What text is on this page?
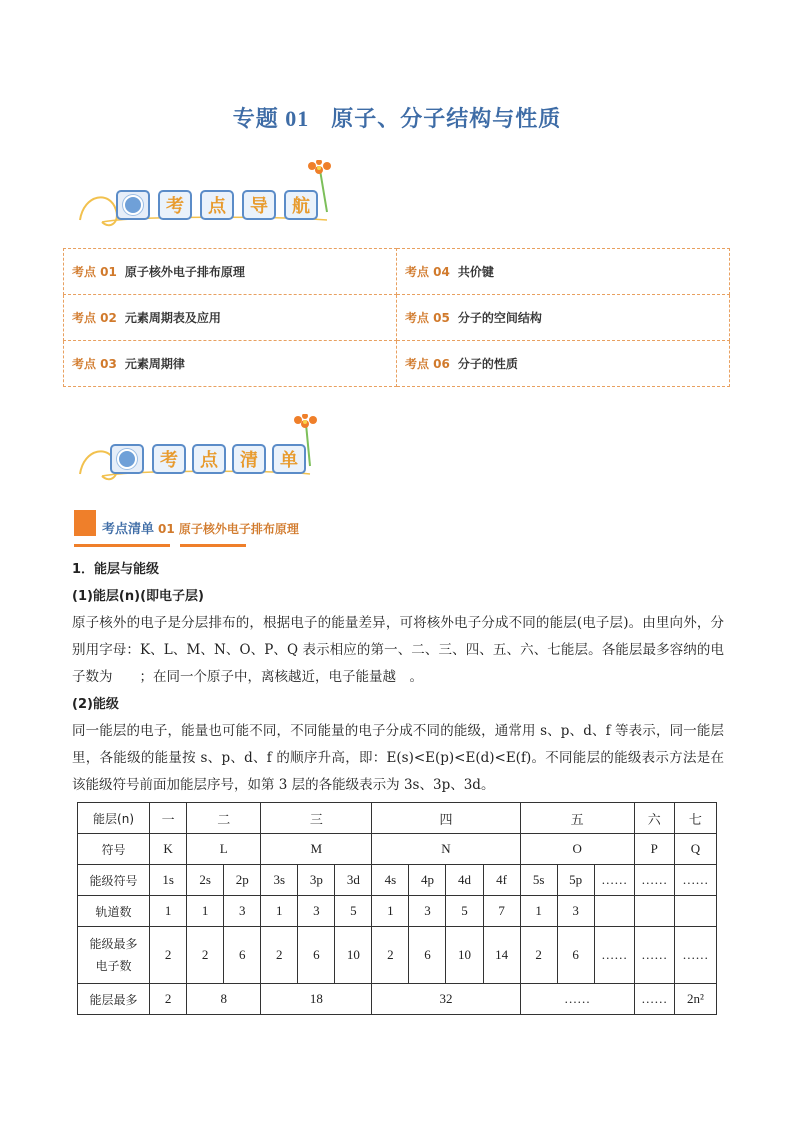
专题 01 原子、分子结构与性质
考	点	导	航
考点 01 原子核外电子排布原理	考点 04 共价键
考点 02 元素周期表及应用	考点 05 分子的空间结构
考点 03 元素周期律	考点 06 分子的性质
考	点	清	单
考点清单 01 原子核外电子排布原理

1．能层与能级

(1)能层(n)(即电子层)

原子核外的电子是分层排布的，根据电子的能量差异，可将核外电子分成不同的能层(电子层)。由里向外，分别用字母：K、L、M、N、O、P、Q 表示相应的第一、二、三、四、五、六、七能层。各能层最多容纳的电子数为　　；在同一个原子中，离核越近，电子能量越　。

(2)能级

同一能层的电子，能量也可能不同，不同能量的电子分成不同的能级，通常用 s、p、d、f 等表示，同一能层里，各能级的能量按 s、p、d、f 的顺序升高，即：E(s)<E(p)<E(d)<E(f)。不同能层的能级表示方法是在该能级符号前面加能层序号，如第 3 层的各能级表示为 3s、3p、3d。

能层(n)	一	二		三			四				五			六	七
符号	K	L		M			N				O			P	Q
能级符号	1s	2s	2p	3s	3p	3d	4s	4p	4d	4f	5s	5p	……	……	……
轨道数	1	1	3	1	3	5	1	3	5	7	1	3			
能级最多
电子数	2	2	6	2	6	10	2	6	10	14	2	6	……	……	……
能层最多	2	8		18			32				……			……	2n²
